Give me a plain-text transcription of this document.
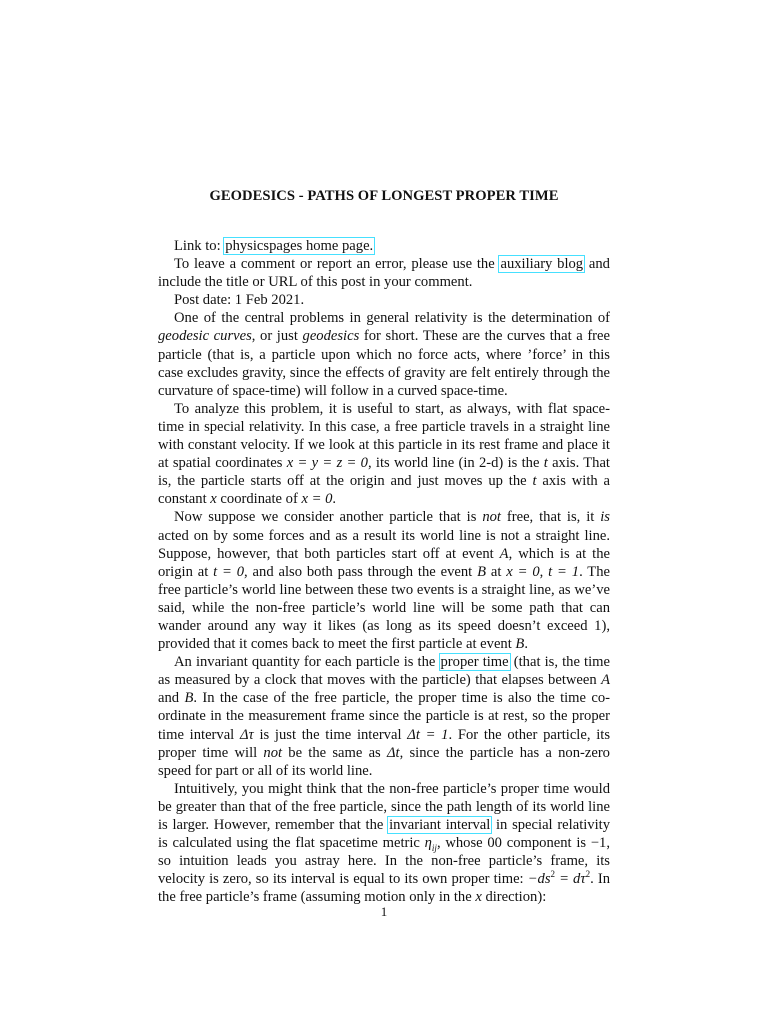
GEODESICS - PATHS OF LONGEST PROPER TIME

Link to: physicspages home page.

To leave a comment or report an error, please use the auxiliary blog and include the title or URL of this post in your comment.

Post date: 1 Feb 2021.

One of the central problems in general relativity is the determination of geodesic curves, or just geodesics for short. These are the curves that a free particle (that is, a particle upon which no force acts, where ’force’ in this case excludes gravity, since the effects of gravity are felt entirely through the curvature of space-time) will follow in a curved space-time.

To analyze this problem, it is useful to start, as always, with flat space-time in special relativity. In this case, a free particle travels in a straight line with constant velocity. If we look at this particle in its rest frame and place it at spatial coordinates x = y = z = 0, its world line (in 2-d) is the t axis. That is, the particle starts off at the origin and just moves up the t axis with a constant x coordinate of x = 0.

Now suppose we consider another particle that is not free, that is, it is acted on by some forces and as a result its world line is not a straight line. Suppose, however, that both particles start off at event A, which is at the origin at t = 0, and also both pass through the event B at x = 0, t = 1. The free particle’s world line between these two events is a straight line, as we’ve said, while the non-free particle’s world line will be some path that can wander around any way it likes (as long as its speed doesn’t exceed 1), provided that it comes back to meet the first particle at event B.

An invariant quantity for each particle is the proper time (that is, the time as measured by a clock that moves with the particle) that elapses between A and B. In the case of the free particle, the proper time is also the time co-ordinate in the measurement frame since the particle is at rest, so the proper time interval Δτ is just the time interval Δt = 1. For the other particle, its proper time will not be the same as Δt, since the particle has a non-zero speed for part or all of its world line.

Intuitively, you might think that the non-free particle’s proper time would be greater than that of the free particle, since the path length of its world line is larger. However, remember that the invariant interval in special relativity is calculated using the flat spacetime metric $\eta_{ij}$, whose 00 component is −1, so intuition leads you astray here. In the non-free particle’s frame, its velocity is zero, so its interval is equal to its own proper time: $-ds^2 = d\tau^2$. In the free particle’s frame (assuming motion only in the x direction):

1
